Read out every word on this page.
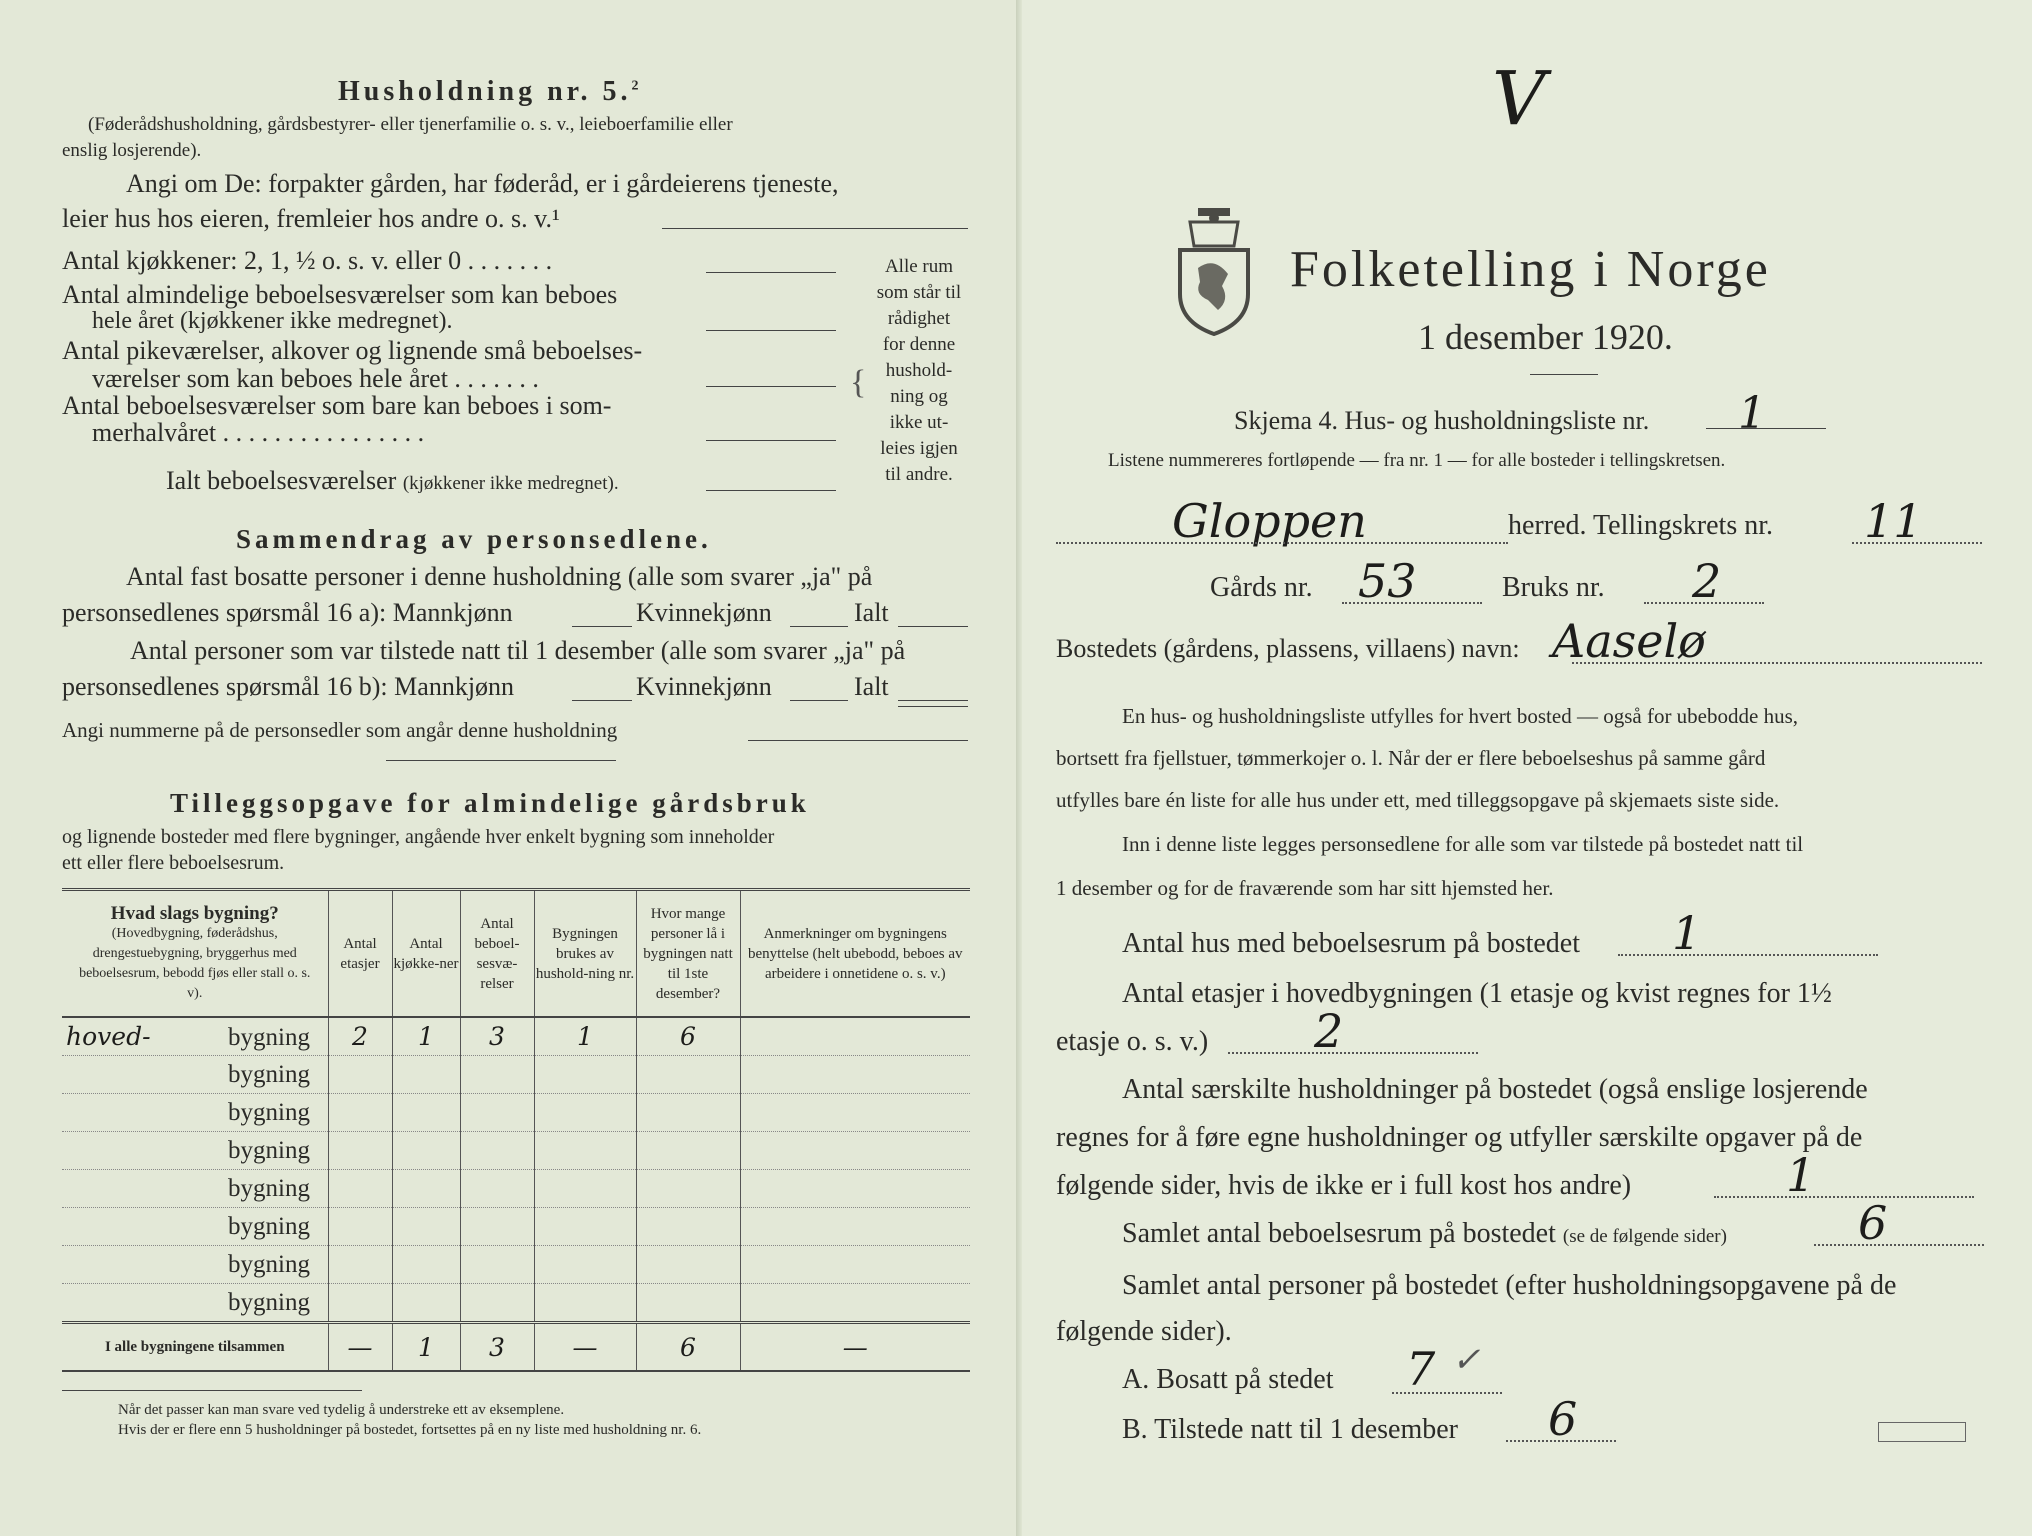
Husholdning nr. 5.$^2$
(Føderådshusholdning, gårdsbestyrer- eller tjenerfamilie o. s. v., leieboerfamilie eller
enslig losjerende).
Angi om De: forpakter gården, har føderåd, er i gårdeierens tjeneste,
leier hus hos eieren, fremleier hos andre o. s. v.¹
Antal kjøkkener: 2, 1, ½ o. s. v. eller 0 . . . . . . .
Antal almindelige beboelsesværelser som kan beboes
hele året (kjøkkener ikke medregnet).
Antal pikeværelser, alkover og lignende små beboelses-
værelser som kan beboes hele året . . . . . . .
Antal beboelsesværelser som bare kan beboes i som-
merhalvåret . . . . . . . . . . . . . . . .
Ialt beboelsesværelser (kjøkkener ikke medregnet).
{
Alle rum
som står til
rådighet
for denne
hushold-
ning og
ikke ut-
leies igjen
til andre.
Sammendrag av personsedlene.
Antal fast bosatte personer i denne husholdning (alle som svarer „ja" på
personsedlenes spørsmål 16 a): Mannkjønn	Kvinnekjønn	Ialt
Antal personer som var tilstede natt til 1 desember (alle som svarer „ja" på
personsedlenes spørsmål 16 b): Mannkjønn	Kvinnekjønn	Ialt
Angi nummerne på de personsedler som angår denne husholdning
Tilleggsopgave for almindelige gårdsbruk
og lignende bosteder med flere bygninger, angående hver enkelt bygning som inneholder
ett eller flere beboelsesrum.
Hvad slags bygning?
(Hovedbygning, føderådshus, drengestuebygning, bryggerhus med beboelsesrum, bebodd fjøs eller stall o. s. v).	Antal etasjer	Antal kjøkke-ner	Antal beboel-sesvæ-relser	Bygningen brukes av hushold-ning nr.	Hvor mange personer lå i bygningen natt til 1ste desember?	Anmerkninger om bygningens benyttelse (helt ubebodd, beboes av arbeidere i onnetidene o. s. v.)
hoved- bygning	2	1	3	1	6	
bygning						
bygning						
bygning						
bygning						
bygning						
bygning						
bygning						
I alle bygningene tilsammen	—	1	3	—	6	—
Når det passer kan man svare ved tydelig å understreke ett av eksemplene.
Hvis der er flere enn 5 husholdninger på bostedet, fortsettes på en ny liste med husholdning nr. 6.
V
Folketelling i Norge
1 desember 1920.
Skjema 4. Hus- og husholdningsliste nr. 1
Listene nummereres fortløpende — fra nr. 1 — for alle bosteder i tellingskretsen.
Gloppen	herred. Tellingskrets nr. 11
Gårds nr. 53	Bruks nr. 2
Bostedets (gårdens, plassens, villaens) navn: Aaselø
En hus- og husholdningsliste utfylles for hvert bosted — også for ubebodde hus,
bortsett fra fjellstuer, tømmerkojer o. l. Når der er flere beboelseshus på samme gård
utfylles bare én liste for alle hus under ett, med tilleggsopgave på skjemaets siste side.
Inn i denne liste legges personsedlene for alle som var tilstede på bostedet natt til
1 desember og for de fraværende som har sitt hjemsted her.
Antal hus med beboelsesrum på bostedet 1
Antal etasjer i hovedbygningen (1 etasje og kvist regnes for 1½
etasje o. s. v.) 2
Antal særskilte husholdninger på bostedet (også enslige losjerende
regnes for å føre egne husholdninger og utfyller særskilte opgaver på de
følgende sider, hvis de ikke er i full kost hos andre)	1
Samlet antal beboelsesrum på bostedet (se de følgende sider)	6
Samlet antal personer på bostedet (efter husholdningsopgavene på de
følgende sider).
A. Bosatt på stedet 7 ✓
B. Tilstede natt til 1 desember 6
